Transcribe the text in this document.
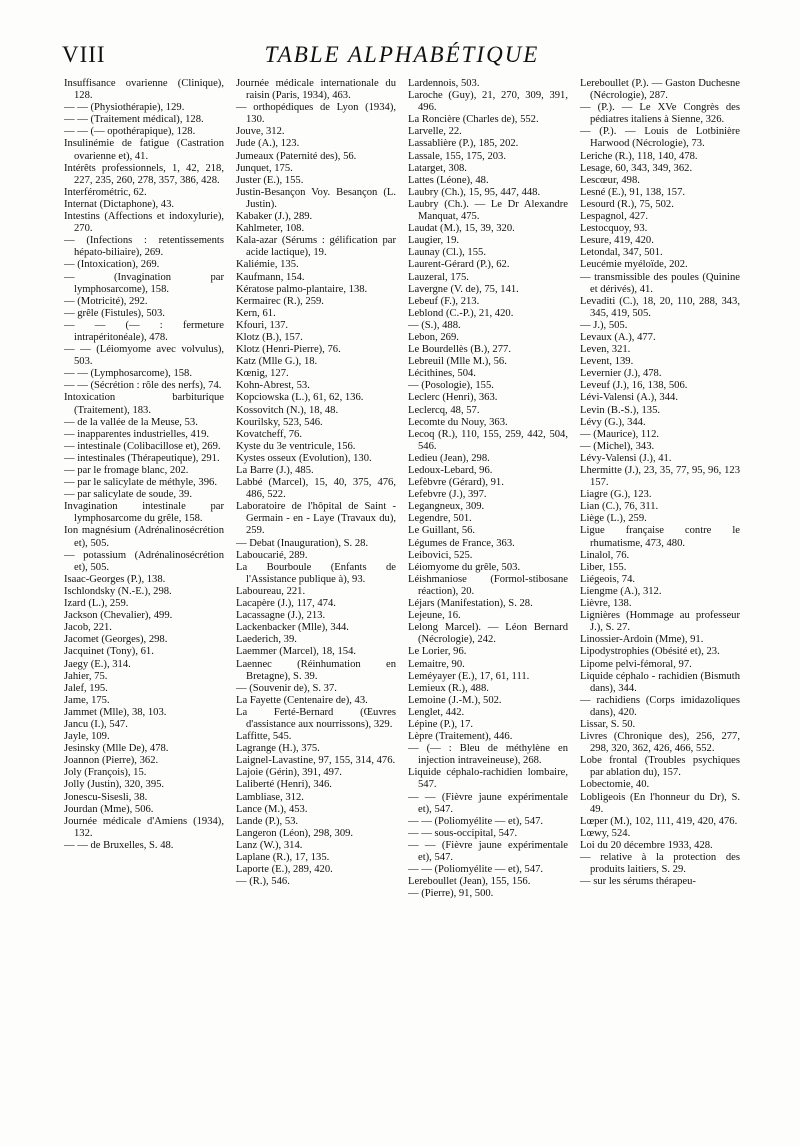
VIII	TABLE ALPHABÉTIQUE
Insuffisance ovarienne (Clinique), 128.
— — (Physiothérapie), 129.
— — (Traitement médical), 128.
— — (— opothérapique), 128.
Insulinémie de fatigue (Castration ovarienne et), 41.
Intérêts professionnels, 1, 42, 218, 227, 235, 260, 278, 357, 386, 428.
Interférométric, 62.
Internat (Dictaphone), 43.
Intestins (Affections et indoxylurie), 270.
— (Infections : retentissements hépato-biliaire), 269.
— (Intoxication), 269.
— (Invagination par lymphosarcome), 158.
— (Motricité), 292.
— grêle (Fistules), 503.
— — (— : fermeture intrapéritonéale), 478.
— — (Léiomyome avec volvulus), 503.
— — (Lymphosarcome), 158.
— — (Sécrétion : rôle des nerfs), 74.
Intoxication barbiturique (Traitement), 183.
— de la vallée de la Meuse, 53.
— inapparentes industrielles, 419.
— intestinale (Colibacillose et), 269.
— intestinales (Thérapeutique), 291.
— par le fromage blanc, 202.
— par le salicylate de méthyle, 396.
— par salicylate de soude, 39.
Invagination intestinale par lymphosarcome du grêle, 158.
Ion magnésium (Adrénalinosécrétion et), 505.
— potassium (Adrénalinosécrétion et), 505.
Isaac-Georges (P.), 138.
Ischlondsky (N.-E.), 298.
Izard (L.), 259.
Jackson (Chevalier), 499.
Jacob, 221.
Jacomet (Georges), 298.
Jacquinet (Tony), 61.
Jaegy (E.), 314.
Jahier, 75.
Jalef, 195.
Jame, 175.
Jammet (Mlle), 38, 103.
Jancu (I.), 547.
Jayle, 109.
Jesinsky (Mlle De), 478.
Joannon (Pierre), 362.
Joly (François), 15.
Jolly (Justin), 320, 395.
Jonescu-Sisesli, 38.
Jourdan (Mme), 506.
Journée médicale d'Amiens (1934), 132.
— — de Bruxelles, S. 48.
Journée médicale internationale du raisin (Paris, 1934), 463.
— orthopédiques de Lyon (1934), 130.
Jouve, 312.
Jude (A.), 123.
Jumeaux (Paternité des), 56.
Junquet, 175.
Juster (E.), 155.
Justin-Besançon Voy. Besançon (L. Justin).
Kabaker (J.), 289.
Kahlmeter, 108.
Kala-azar (Sérums : gélification par acide lactique), 19.
Kaliémie, 135.
Kaufmann, 154.
Kératose palmo-plantaire, 138.
Kermairec (R.), 259.
Kern, 61.
Kfouri, 137.
Klotz (B.), 157.
Klotz (Henri-Pierre), 76.
Katz (Mlle G.), 18.
Kœnig, 127.
Kohn-Abrest, 53.
Kopciowska (L.), 61, 62, 136.
Kossovitch (N.), 18, 48.
Kourilsky, 523, 546.
Kovatcheff, 76.
Kyste du 3e ventricule, 156.
Kystes osseux (Evolution), 130.
La Barre (J.), 485.
Labbé (Marcel), 15, 40, 375, 476, 486, 522.
Laboratoire de l'hôpital de Saint - Germain - en - Laye (Travaux du), 259.
— Debat (Inauguration), S. 28.
Laboucarié, 289.
La Bourboule (Enfants de l'Assistance publique à), 93.
Laboureau, 221.
Lacapère (J.), 117, 474.
Lacassagne (J.), 213.
Lackenbacker (Mlle), 344.
Laederich, 39.
Laemmer (Marcel), 18, 154.
Laennec (Réinhumation en Bretagne), S. 39.
— (Souvenir de), S. 37.
La Fayette (Centenaire de), 43.
La Ferté-Bernard (Œuvres d'assistance aux nourrissons), 329.
Laffitte, 545.
Lagrange (H.), 375.
Laignel-Lavastine, 97, 155, 314, 476.
Lajoie (Gérin), 391, 497.
Laliberté (Henri), 346.
Lambliase, 312.
Lance (M.), 453.
Lande (P.), 53.
Langeron (Léon), 298, 309.
Lanz (W.), 314.
Laplane (R.), 17, 135.
Laporte (E.), 289, 420.
— (R.), 546.
Lardennois, 503.
Laroche (Guy), 21, 270, 309, 391, 496.
La Roncière (Charles de), 552.
Larvelle, 22.
Lassablière (P.), 185, 202.
Lassale, 155, 175, 203.
Latarget, 308.
Lattes (Léone), 48.
Laubry (Ch.), 15, 95, 447, 448.
Laubry (Ch.). — Le Dr Alexandre Manquat, 475.
Laudat (M.), 15, 39, 320.
Laugier, 19.
Launay (Cl.), 155.
Laurent-Gérard (P.), 62.
Lauzeral, 175.
Lavergne (V. de), 75, 141.
Lebeuf (F.), 213.
Leblond (C.-P.), 21, 420.
— (S.), 488.
Lebon, 269.
Le Bourdellès (B.), 277.
Lebreuil (Mlle M.), 56.
Lécithines, 504.
— (Posologie), 155.
Leclerc (Henri), 363.
Leclercq, 48, 57.
Lecomte du Nouy, 363.
Lecoq (R.), 110, 155, 259, 442, 504, 546.
Ledieu (Jean), 298.
Ledoux-Lebard, 96.
Lefèbvre (Gérard), 91.
Lefebvre (J.), 397.
Legangneux, 309.
Legendre, 501.
Le Guillant, 56.
Légumes de France, 363.
Leibovici, 525.
Léiomyome du grêle, 503.
Léishmaniose (Formol-stibosane réaction), 20.
Léjars (Manifestation), S. 28.
Lejeune, 16.
Lelong Marcel). — Léon Bernard (Nécrologie), 242.
Le Lorier, 96.
Lemaitre, 90.
Leméyayer (E.), 17, 61, 111.
Lemieux (R.), 488.
Lemoine (J.-M.), 502.
Lenglet, 442.
Lépine (P.), 17.
Lèpre (Traitement), 446.
— (— : Bleu de méthylène en injection intraveineuse), 268.
Liquide céphalo-rachidien lombaire, 547.
— — (Fièvre jaune expérimentale et), 547.
— — (Poliomyélite — et), 547.
— — sous-occipital, 547.
— — (Fièvre jaune expérimentale et), 547.
— — (Poliomyélite — et), 547.
Lereboullet (Jean), 155, 156.
— (Pierre), 91, 500.
Lereboullet (P.). — Gaston Duchesne (Nécrologie), 287.
— (P.). — Le XVe Congrès des pédiatres italiens à Sienne, 326.
— (P.). — Louis de Lotbinière Harwood (Nécrologie), 73.
Leriche (R.), 118, 140, 478.
Lesage, 60, 343, 349, 362.
Lescœur, 498.
Lesné (E.), 91, 138, 157.
Lesourd (R.), 75, 502.
Lespagnol, 427.
Lestocquoy, 93.
Lesure, 419, 420.
Letondal, 347, 501.
Leucémie myéloïde, 202.
— transmissible des poules (Quinine et dérivés), 41.
Levaditi (C.), 18, 20, 110, 288, 343, 345, 419, 505.
— J.), 505.
Levaux (A.), 477.
Leven, 321.
Levent, 139.
Levernier (J.), 478.
Leveuf (J.), 16, 138, 506.
Lévi-Valensi (A.), 344.
Levin (B.-S.), 135.
Lévy (G.), 344.
— (Maurice), 112.
— (Michel), 343.
Lévy-Valensi (J.), 41.
Lhermitte (J.), 23, 35, 77, 95, 96, 123 157.
Liagre (G.), 123.
Lian (C.), 76, 311.
Liège (L.), 259.
Ligue française contre le rhumatisme, 473, 480.
Linalol, 76.
Liber, 155.
Liégeois, 74.
Liengme (A.), 312.
Lièvre, 138.
Lignières (Hommage au professeur J.), S. 27.
Linossier-Ardoin (Mme), 91.
Lipodystrophies (Obésité et), 23.
Lipome pelvi-fémoral, 97.
Liquide céphalo - rachidien (Bismuth dans), 344.
— rachidiens (Corps imidazoliques dans), 420.
Lissar, S. 50.
Livres (Chronique des), 256, 277, 298, 320, 362, 426, 466, 552.
Lobe frontal (Troubles psychiques par ablation du), 157.
Lobectomie, 40.
Lobligeois (En l'honneur du Dr), S. 49.
Lœper (M.), 102, 111, 419, 420, 476.
Lœwy, 524.
Loi du 20 décembre 1933, 428.
— relative à la protection des produits laitiers, S. 29.
— sur les sérums thérapeu-
